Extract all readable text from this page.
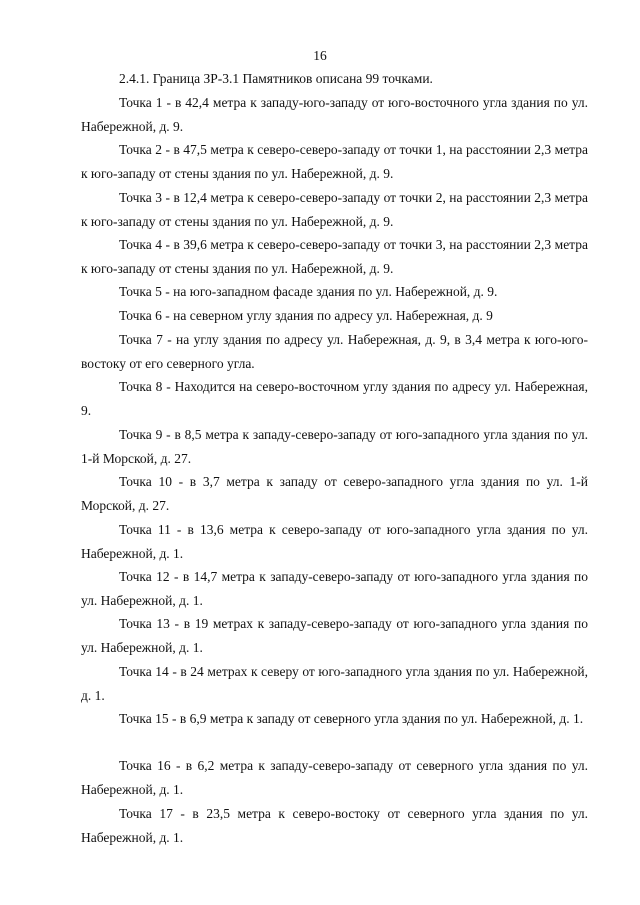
16

2.4.1. Граница ЗР-3.1 Памятников описана 99 точками.

Точка 1 - в 42,4 метра к западу-юго-западу от юго-восточного угла здания по ул. Набережной, д. 9.

Точка 2 - в 47,5 метра к северо-северо-западу от точки 1, на расстоянии 2,3 метра к юго-западу от стены здания по ул. Набережной, д. 9.

Точка 3 - в 12,4 метра к северо-северо-западу от точки 2, на расстоянии 2,3 метра к юго-западу от стены здания по ул. Набережной, д. 9.

Точка 4 - в 39,6 метра к северо-северо-западу от точки 3, на расстоянии 2,3 метра к юго-западу от стены здания по ул. Набережной, д. 9.

Точка 5 - на юго-западном фасаде здания по ул. Набережной, д. 9.

Точка 6 - на северном углу здания по адресу ул. Набережная, д. 9

Точка 7 - на углу здания по адресу ул. Набережная, д. 9, в 3,4 метра к юго-юго-востоку от его северного угла.

Точка 8 - Находится на северо-восточном углу здания по адресу ул. Набережная, 9.

Точка 9 - в 8,5 метра к западу-северо-западу от юго-западного угла здания по ул. 1-й Морской, д. 27.

Точка 10 - в 3,7 метра к западу от северо-западного угла здания по ул. 1-й Морской, д. 27.

Точка 11 - в 13,6 метра к северо-западу от юго-западного угла здания по ул. Набережной, д. 1.

Точка 12 - в 14,7 метра к западу-северо-западу от юго-западного угла здания по ул. Набережной, д. 1.

Точка 13 - в 19 метрах к западу-северо-западу от юго-западного угла здания по ул. Набережной, д. 1.

Точка 14 - в 24 метрах к северу от юго-западного угла здания по ул. Набережной, д. 1.

Точка 15 - в 6,9 метра к западу от северного угла здания по ул. Набережной, д. 1.

Точка 16 - в 6,2 метра к западу-северо-западу от северного угла здания по ул. Набережной, д. 1.

Точка 17 - в 23,5 метра к северо-востоку от северного угла здания по ул. Набережной, д. 1.
